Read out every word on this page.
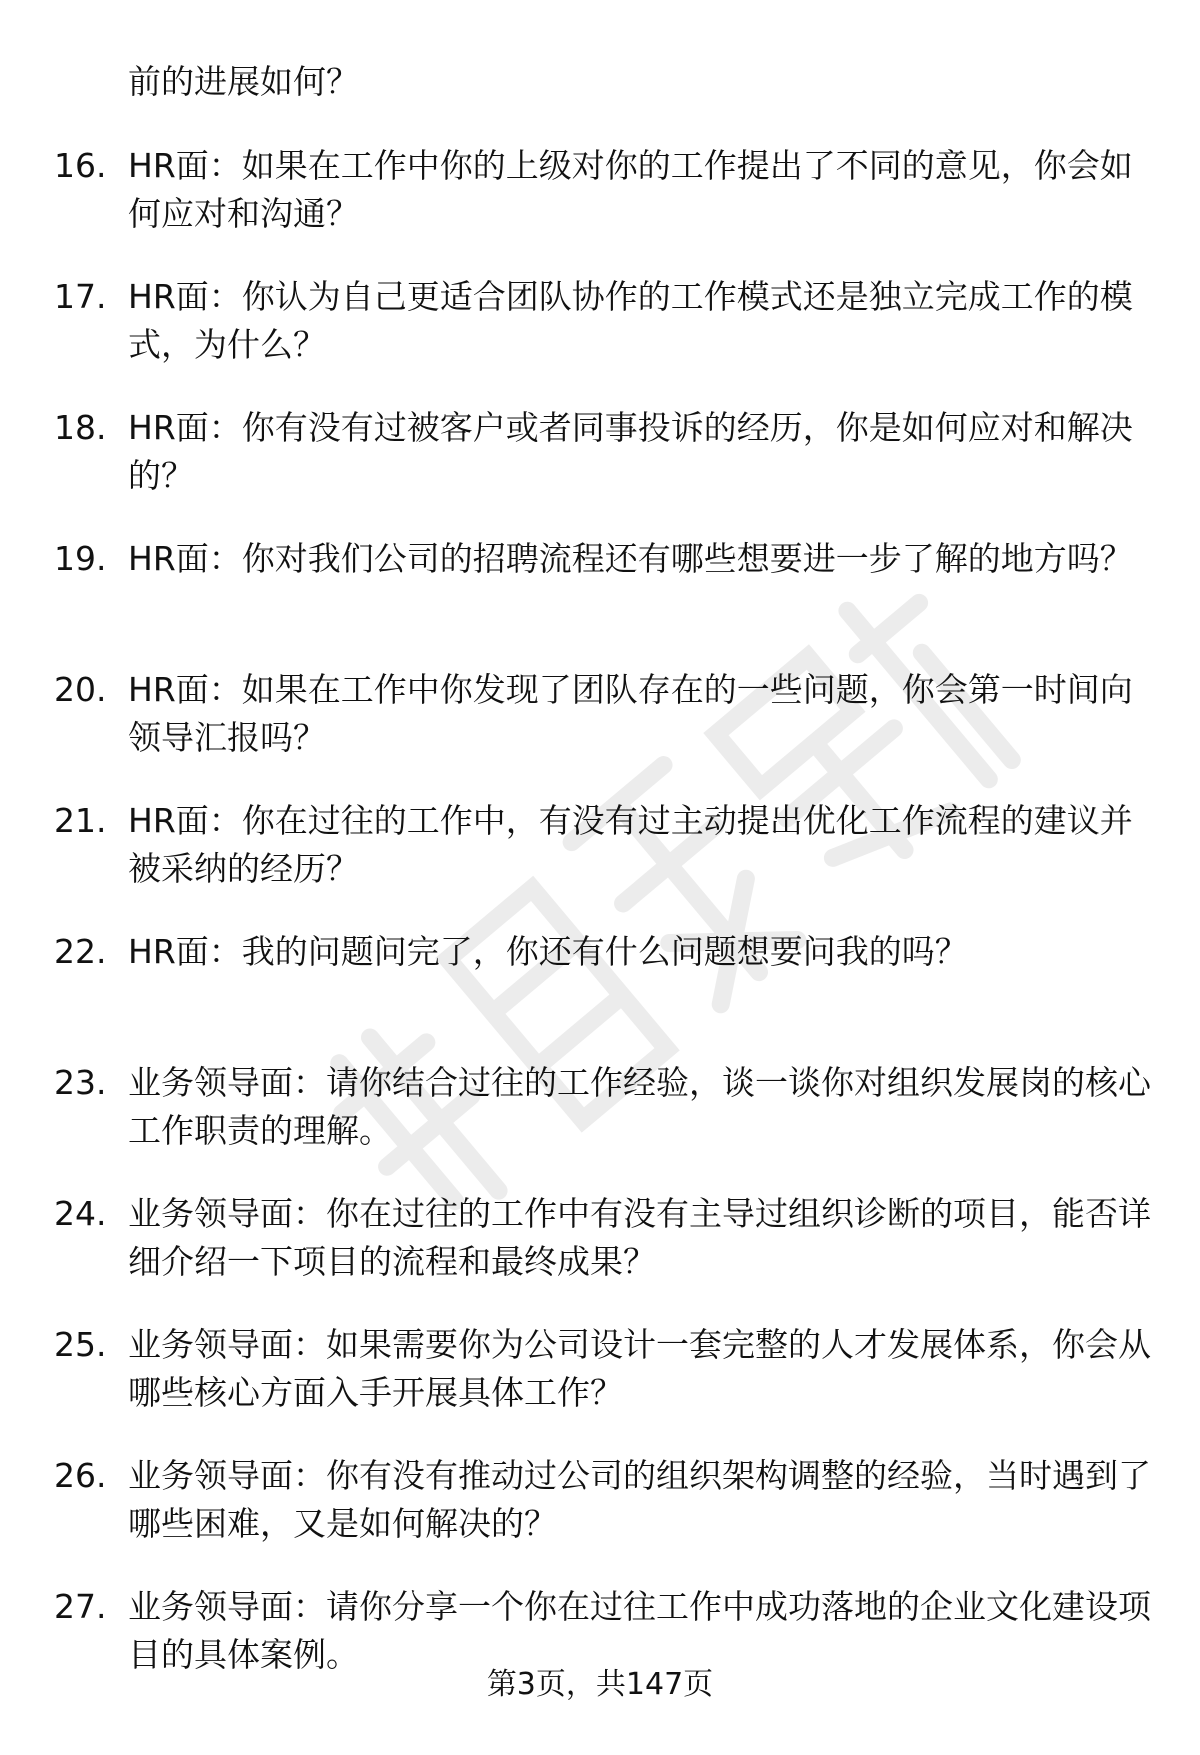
前的进展如何？
16. HR面：如果在工作中你的上级对你的工作提出了不同的意见，你会如何应对和沟通？
17. HR面：你认为自己更适合团队协作的工作模式还是独立完成工作的模式，为什么？
18. HR面：你有没有过被客户或者同事投诉的经历，你是如何应对和解决的？
19. HR面：你对我们公司的招聘流程还有哪些想要进一步了解的地方吗？
20. HR面：如果在工作中你发现了团队存在的一些问题，你会第一时间向领导汇报吗？
21. HR面：你在过往的工作中，有没有过主动提出优化工作流程的建议并被采纳的经历？
22. HR面：我的问题问完了，你还有什么问题想要问我的吗？
23. 业务领导面：请你结合过往的工作经验，谈一谈你对组织发展岗的核心工作职责的理解。
24. 业务领导面：你在过往的工作中有没有主导过组织诊断的项目，能否详细介绍一下项目的流程和最终成果？
25. 业务领导面：如果需要你为公司设计一套完整的人才发展体系，你会从哪些核心方面入手开展具体工作？
26. 业务领导面：你有没有推动过公司的组织架构调整的经验，当时遇到了哪些困难，又是如何解决的？
27. 业务领导面：请你分享一个你在过往工作中成功落地的企业文化建设项目的具体案例。
第3页，共147页
